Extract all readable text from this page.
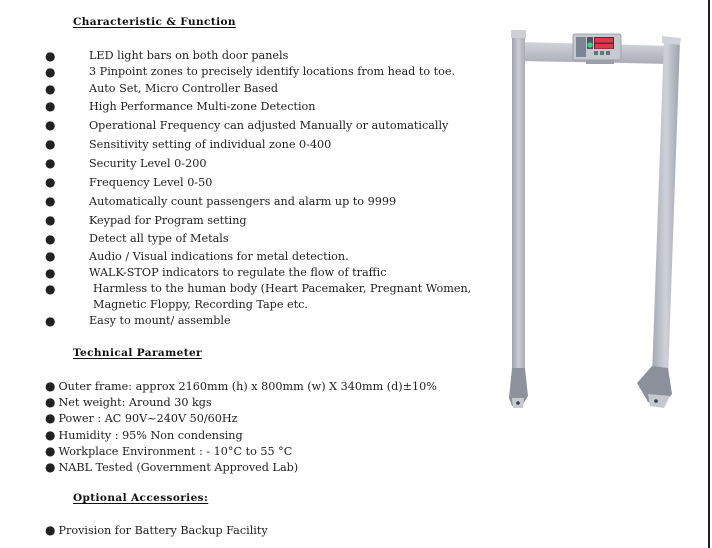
Characteristic & Function
●	LED light bars on both door panels
●	3 Pinpoint zones to precisely identify locations from head to toe.
●	Auto Set, Micro Controller Based
●	High Performance Multi-zone Detection
●	Operational Frequency can adjusted Manually or automatically
●	Sensitivity setting of individual zone 0-400
●	Security Level 0-200
●	Frequency Level 0-50
●	Automatically count passengers and alarm up to 9999
●	Keypad for Program setting
●	Detect all type of Metals
●	Audio / Visual indications for metal detection.
●	WALK-STOP indicators to regulate the flow of traffic
●	Harmless to the human body (Heart Pacemaker, Pregnant Women,
Magnetic Floppy, Recording Tape etc.
●	Easy to mount/ assemble
Technical Parameter
● Outer frame: approx 2160mm (h) x 800mm (w) X 340mm (d)±10%
● Net weight: Around 30 kgs
● Power : AC 90V~240V 50/60Hz
● Humidity : 95% Non condensing
● Workplace Environment : - 10°C to 55 °C
● NABL Tested (Government Approved Lab)
Optional Accessories:
● Provision for Battery Backup Facility
